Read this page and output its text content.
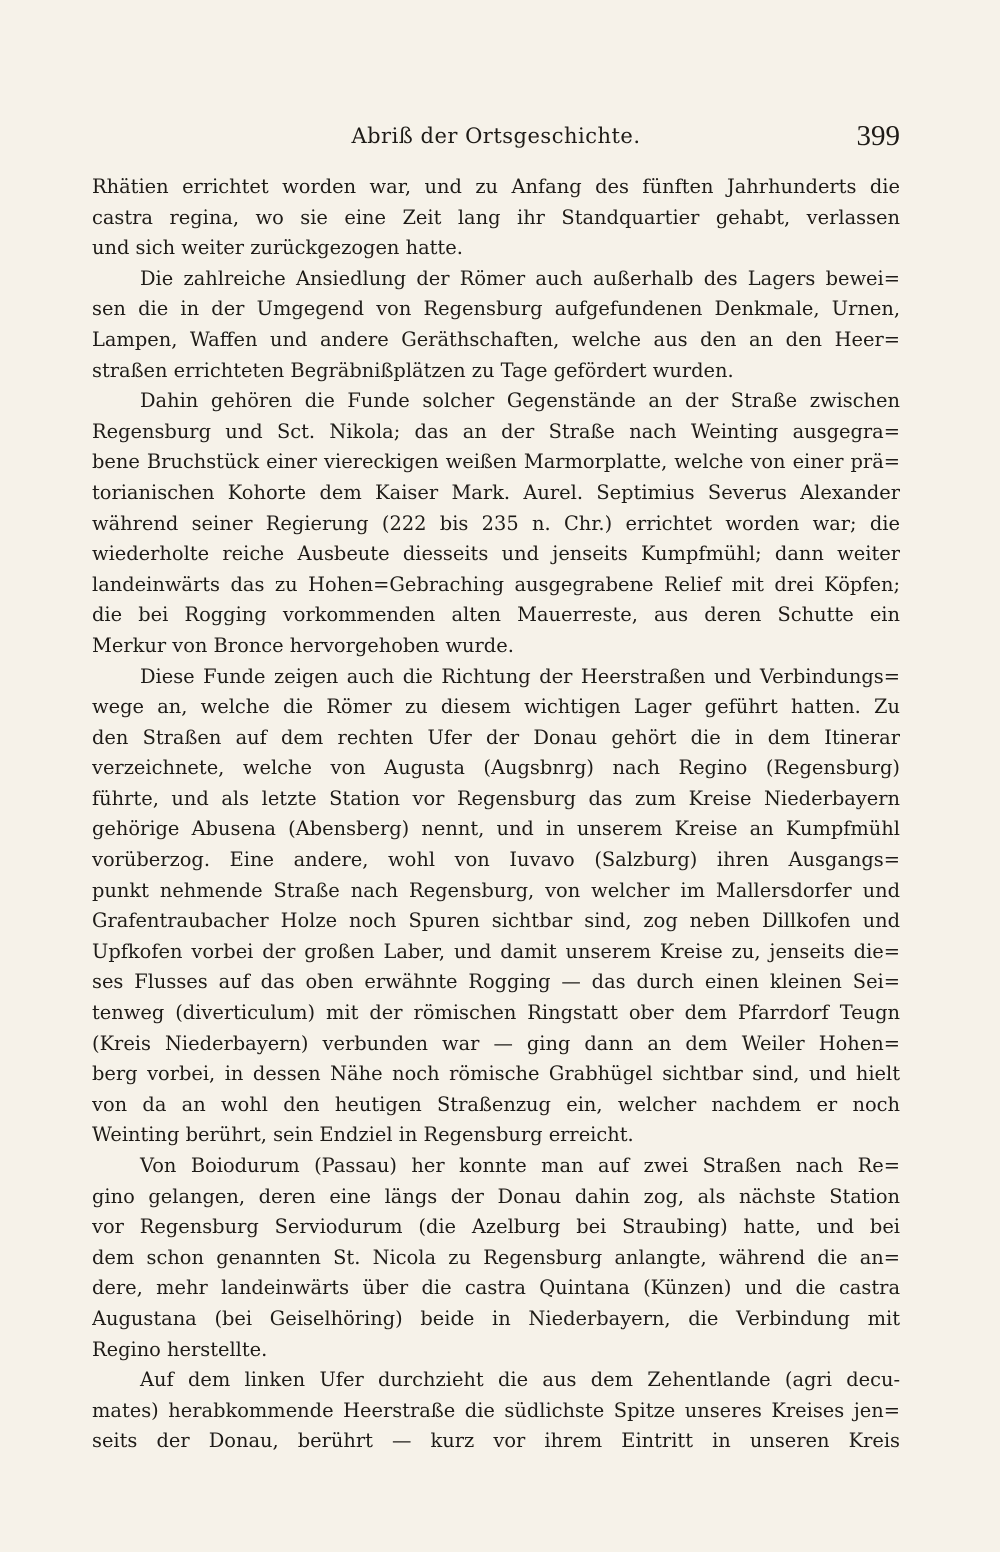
Abriß der Ortsgeschichte.	399
Rhätien errichtet worden war, und zu Anfang des fünften Jahrhunderts die
castra regina, wo sie eine Zeit lang ihr Standquartier gehabt, verlassen
und sich weiter zurückgezogen hatte.
Die zahlreiche Ansiedlung der Römer auch außerhalb des Lagers bewei=
sen die in der Umgegend von Regensburg aufgefundenen Denkmale, Urnen,
Lampen, Waffen und andere Geräthschaften, welche aus den an den Heer=
straßen errichteten Begräbnißplätzen zu Tage gefördert wurden.
Dahin gehören die Funde solcher Gegenstände an der Straße zwischen
Regensburg und Sct. Nikola; das an der Straße nach Weinting ausgegra=
bene Bruchstück einer viereckigen weißen Marmorplatte, welche von einer prä=
torianischen Kohorte dem Kaiser Mark. Aurel. Septimius Severus Alexander
während seiner Regierung (222 bis 235 n. Chr.) errichtet worden war; die
wiederholte reiche Ausbeute diesseits und jenseits Kumpfmühl; dann weiter
landeinwärts das zu Hohen=Gebraching ausgegrabene Relief mit drei Köpfen;
die bei Rogging vorkommenden alten Mauerreste, aus deren Schutte ein
Merkur von Bronce hervorgehoben wurde.
Diese Funde zeigen auch die Richtung der Heerstraßen und Verbindungs=
wege an, welche die Römer zu diesem wichtigen Lager geführt hatten. Zu
den Straßen auf dem rechten Ufer der Donau gehört die in dem Itinerar
verzeichnete, welche von Augusta (Augsbnrg) nach Regino (Regensburg)
führte, und als letzte Station vor Regensburg das zum Kreise Niederbayern
gehörige Abusena (Abensberg) nennt, und in unserem Kreise an Kumpfmühl
vorüberzog. Eine andere, wohl von Iuvavo (Salzburg) ihren Ausgangs=
punkt nehmende Straße nach Regensburg, von welcher im Mallersdorfer und
Grafentraubacher Holze noch Spuren sichtbar sind, zog neben Dillkofen und
Upfkofen vorbei der großen Laber, und damit unserem Kreise zu, jenseits die=
ses Flusses auf das oben erwähnte Rogging — das durch einen kleinen Sei=
tenweg (diverticulum) mit der römischen Ringstatt ober dem Pfarrdorf Teugn
(Kreis Niederbayern) verbunden war — ging dann an dem Weiler Hohen=
berg vorbei, in dessen Nähe noch römische Grabhügel sichtbar sind, und hielt
von da an wohl den heutigen Straßenzug ein, welcher nachdem er noch
Weinting berührt, sein Endziel in Regensburg erreicht.
Von Boiodurum (Passau) her konnte man auf zwei Straßen nach Re=
gino gelangen, deren eine längs der Donau dahin zog, als nächste Station
vor Regensburg Serviodurum (die Azelburg bei Straubing) hatte, und bei
dem schon genannten St. Nicola zu Regensburg anlangte, während die an=
dere, mehr landeinwärts über die castra Quintana (Künzen) und die castra
Augustana (bei Geiselhöring) beide in Niederbayern, die Verbindung mit
Regino herstellte.
Auf dem linken Ufer durchzieht die aus dem Zehentlande (agri decu-
mates) herabkommende Heerstraße die südlichste Spitze unseres Kreises jen=
seits der Donau, berührt — kurz vor ihrem Eintritt in unseren Kreis
